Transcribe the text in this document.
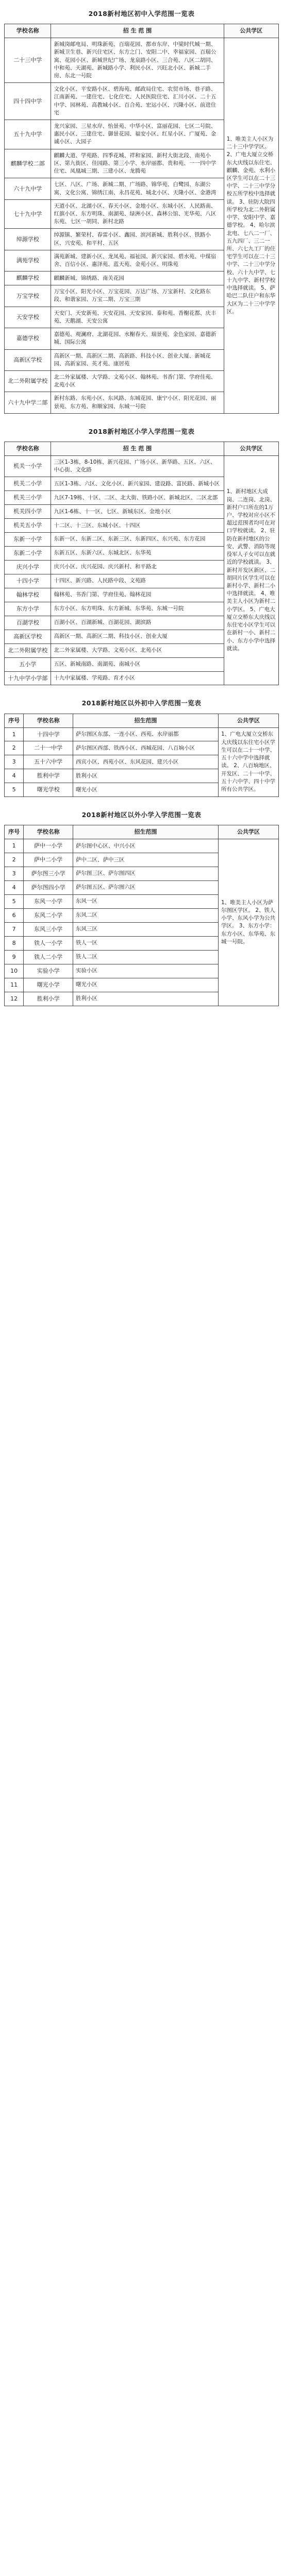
2018新村地区初中入学范围一览表
学校名称	招 生 范 围	公共学区
二十三中学	新城岗邮电局、明珠新苑、百瑞花园、都市东岸、中梁时代城一期、新城卫生巷、新兴住宅区、东方之门、安阳二中、幸福家园、百瑞公寓、花园小区、新城世纪广场、龙泉路小区、三合苑、八区二胡同、中和苑、天湖苑、新城路小学、利民小区、兴旺北小区、新城二手房、东北一号院	1、唯美主人小区为二十三中学学区。 2、广电大厦立交桥东大庆线以东住宅、麒麟、金苑、水利小区学生可以在二十三中学、二十三中学分校五所学校中选择就读。 3、驻防大院四所学校为北二外附属中学、安阳中学、嘉德学校。 4、哈尔滨北电、七八二一厂、五九四厂、三二一所、六七九工厂的住宅学生可以在二十三中学、二十三中学分校、六十九中学、七十九中学、新村学校中选择就读。 5、萨哈巴二队住户和东华大区为二十三中学学区。
四十四中学	文化小区、平安路小区、碧海苑、邮政局住宅、农贸市场、巷子路、江南新苑、一建住宅、七化住宅、人民医院住宅、汇川小区、二十五中学、园林苑、高教城小区、百合苑、宏运小区、兴隆小区、前进住宅	
五十九中学	龙兴家园、三星水岸、怡景苑、中华小区、富丽花园、七区二号院、惠民小区、三建住宅、御景花园、福安小区、红星小区、广厦苑、金诚小区、大园子	
麒麟学校二部	麒麟大道、学苑路、四季花城、祥和家园、新村大街北段、南苑小区、第九街区、佳园路、第三小学、水岸丽都、贵和苑、一一四中学住宅、凤凰城三期、三建小区、龙腾苑	
六十九中学	七区、八区、广场、新城二期、广场路、锦华苑、白鹭园、东湖公寓、文化公寓、锦绣江南、永昌花苑、城北小区、天隆小区、金港湾	
七十九中学	天道小区、北湖小区、春天小区、金地小区、东城小区、人民路南、红旗小区、东方明珠、南湖苑、绿洲小区、森林公馆、光华苑、八区东苑、七区一胡同、新村北路	
绰源学校	绰源镇、繁荣村、春雷小区、鑫园、滨河新城、胜利小区、铁路小区、兴安苑、和平村、五区	
满苑学校	满苑新城、建新小区、龙凤苑、福祉园、新兴家园、碧水苑、中煤宿舍、百信小区、惠泽苑、蓝天苑、金苑小区、明珠苑	
麒麟学校	麒麟新城、锦绣路、南关花园	
万宝学校	万宝小区、阳光小区、万宝花园、万达广场、万宝新村、文化路东段、和谐家园、万宝二期、万宝三期	
天安学校	天安门、天安新苑、天安花园、天安家园、泰和苑、香榭花都、庆丰苑、天鹅湖、天安公寓	
嘉德学校	嘉德苑、观澜府、北湖花园、水榭春天、瑞景苑、金色家园、嘉德新城、国际公寓	
高新区学校	高新区一期、高新区二期、高新路、科技小区、创业大厦、新城花园、高新家园、英才苑、康居苑	
北二外附属学校	北二外家属楼、大学路、文苑小区、翰林苑、书香门第、学府佳苑、北苑小区	
六十九中学二部	新村东路、东苑小区、东风路、东城花园、康宁小区、阳光花园、丽景苑、东方苑、和顺家园、东城一号院	
2018新村地区小学入学范围一览表
学校名称	招 生 范 围	公共学区
机关一小学	三区1-3栋，8-10栋、新兴花园、广场小区、新华路、五区、六区、中心街、文化路	1、新村地区大成岗、二连岗、北岗、新村户口所在的1万户、学校对应小区不超过范围者均可在对口学校就读。 2、驻防在新村地区的公安、武警、消防等现役军人子女可以在就近的学校就读。 3、新村开发区新区、二胡同片区学生可以在新村小学、新村二小中选择就读。 4、唯美主人小区为新村二小学区。 5、广电大厦立交桥东大庆线以东住宅小区学生可以在新村一小、新村二小、东方小学中选择就读。
机关二小学	五区1-3栋、六区、文化小区、新兴家园、建设路、富民路、新城小区	
机关三小学	九区7-19栋、十区、二区、北大街、铁路小区、新城北区、二区北部	
机关四小学	九区1-6栋、十一区、七区、新城东区、金地小区	
机关五小学	十二区、十三区、东城小区、十四区	
东新一小学	东新一区、东新二区、东新三区、东新四区、东兴苑、东方花园	
东新二小学	东新五区、东新六区、东城北区、东华苑	
庆兴小学	庆兴小区、庆兴花园、庆兴新村、和平路北	
十四小学	十四区、新兴路、人民路中段、文苑路	
翰林学校	翰林苑、书香门第、学府佳苑、翰林花园	
东方小学	东方小区、东方明珠、东方新城、东华苑、东城一号院	
百湖学校	百湖小区、百湖新城、百湖花园、湖滨路	
高新区学校	高新区一期、高新区二期、科技小区、创业大厦	
北二外附属学校	北二外家属楼、大学路、文苑小区、北苑小区	
五小学	五区、新城南路、南湖苑、南城小区	
十九中学小学部	十九中家属楼、学苑路、育才小区	
2018新村地区以外初中入学范围一览表
序号	学校名称	招生范围	公共学区
1	十四中学	萨尔图区东部、一连小区、西苑、水岸丽都	1、广电大厦立交桥东大庆线以东住宅小区学生可以在二十一中学、五十六中学中选择就读。 2、八百垧地区、开发区、二十一中学、五十六中学、四十中学所有公共学区。
2	二十一中学	萨尔图区西部、铁西小区、西城花园、八百垧小区	
3	五十六中学	西宾小区、西苑小区、东风花园、建兴小区	
4	胜利中学	胜利小区	
5	曙光学校	曙光小区	
2018新村地区以外小学入学范围一览表
序号	学校名称	招生范围	公共学区
1	萨中一小学	萨尔图中心区、中兴小区	1、唯美主人小区为萨尔图区学区。 2、铁人小学、东风小学为公共学区。 3、东方小学：东方小区、东华苑、东城一号院。
2	萨中二小学	萨中二区、萨中三区	
3	萨尔图三小学	萨尔图三区、萨尔图四区	
4	萨尔图四小学	萨尔图五区、萨尔图六区	
5	东风一小学	东风一区	
6	东风二小学	东风二区	
7	东风三小学	东风三区	
8	铁人一小学	铁人一区	
9	铁人二小学	铁人二区	
10	实验小学	实验小区	
11	曙光小学	曙光小区	
12	胜利小学	胜利小区	
